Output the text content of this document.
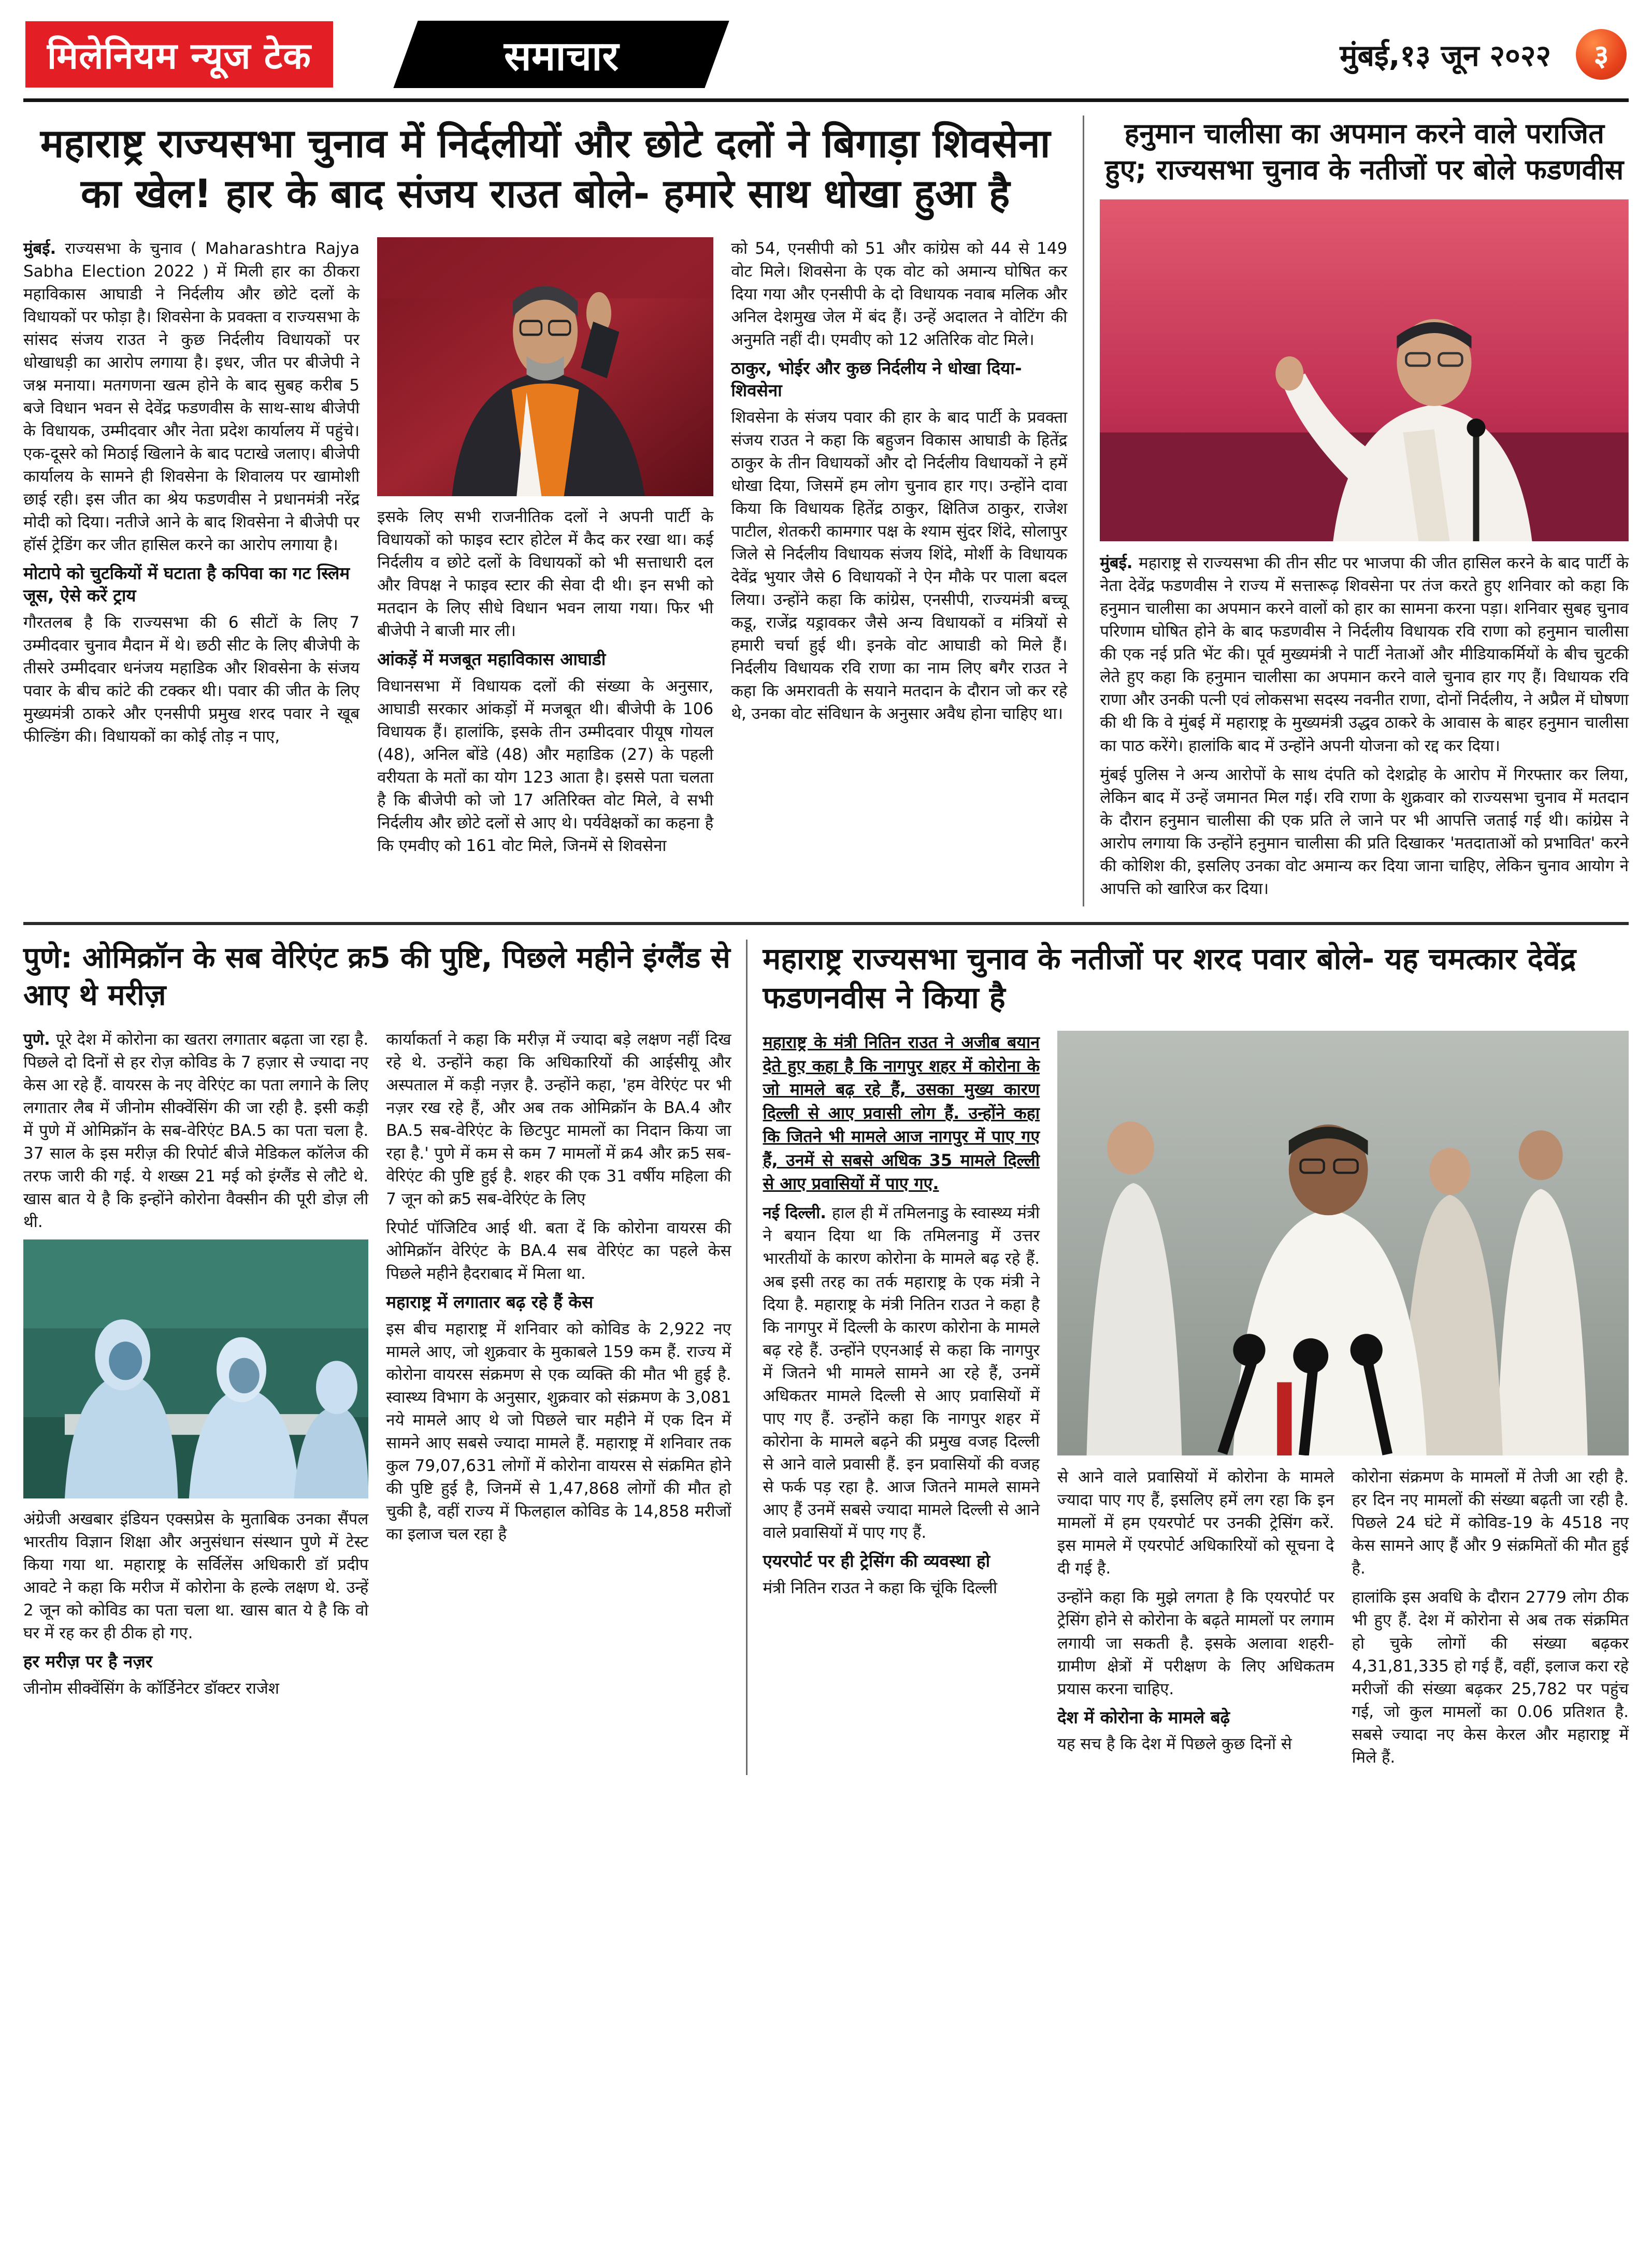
मिलेनियम न्यूज टेक	समाचार	मुंबई,१३ जून २०२२	३
महाराष्ट्र राज्यसभा चुनाव में निर्दलीयों और छोटे दलों ने बिगाड़ा शिवसेना का खेल! हार के बाद संजय राउत बोले- हमारे साथ धोखा हुआ है

मुंबई. राज्यसभा के चुनाव ( Maharashtra Rajya Sabha Election 2022 ) में मिली हार का ठीकरा महाविकास आघाडी ने निर्दलीय और छोटे दलों के विधायकों पर फोड़ा है। शिवसेना के प्रवक्ता व राज्यसभा के सांसद संजय राउत ने कुछ निर्दलीय विधायकों पर धोखाधड़ी का आरोप लगाया है। इधर, जीत पर बीजेपी ने जश्न मनाया। मतगणना खत्म होने के बाद सुबह करीब 5 बजे विधान भवन से देवेंद्र फडणवीस के साथ-साथ बीजेपी के विधायक, उम्मीदवार और नेता प्रदेश कार्यालय में पहुंचे। एक-दूसरे को मिठाई खिलाने के बाद पटाखे जलाए। बीजेपी कार्यालय के सामने ही शिवसेना के शिवालय पर खामोशी छाई रही। इस जीत का श्रेय फडणवीस ने प्रधानमंत्री नरेंद्र मोदी को दिया। नतीजे आने के बाद शिवसेना ने बीजेपी पर हॉर्स ट्रेडिंग कर जीत हासिल करने का आरोप लगाया है।

मोटापे को चुटकियों में घटाता है कपिवा का गट स्लिम जूस, ऐसे करें ट्राय

गौरतलब है कि राज्यसभा की 6 सीटों के लिए 7 उम्मीदवार चुनाव मैदान में थे। छठी सीट के लिए बीजेपी के तीसरे उम्मीदवार धनंजय महाडिक और शिवसेना के संजय पवार के बीच कांटे की टक्कर थी। पवार की जीत के लिए मुख्यमंत्री ठाकरे और एनसीपी प्रमुख शरद पवार ने खूब फील्डिंग की। विधायकों का कोई तोड़ न पाए,

इसके लिए सभी राजनीतिक दलों ने अपनी पार्टी के विधायकों को फाइव स्टार होटेल में कैद कर रखा था। कई निर्दलीय व छोटे दलों के विधायकों को भी सत्ताधारी दल और विपक्ष ने फाइव स्टार की सेवा दी थी। इन सभी को मतदान के लिए सीधे विधान भवन लाया गया। फिर भी बीजेपी ने बाजी मार ली।

आंकड़ें में मजबूत महाविकास आघाडी

विधानसभा में विधायक दलों की संख्या के अनुसार, आघाडी सरकार आंकड़ों में मजबूत थी। बीजेपी के 106 विधायक हैं। हालांकि, इसके तीन उम्मीदवार पीयूष गोयल (48), अनिल बोंडे (48) और महाडिक (27) के पहली वरीयता के मतों का योग 123 आता है। इससे पता चलता है कि बीजेपी को जो 17 अतिरिक्त वोट मिले, वे सभी निर्दलीय और छोटे दलों से आए थे। पर्यवेक्षकों का कहना है कि एमवीए को 161 वोट मिले, जिनमें से शिवसेना

को 54, एनसीपी को 51 और कांग्रेस को 44 से 149 वोट मिले। शिवसेना के एक वोट को अमान्य घोषित कर दिया गया और एनसीपी के दो विधायक नवाब मलिक और अनिल देशमुख जेल में बंद हैं। उन्हें अदालत ने वोटिंग की अनुमति नहीं दी। एमवीए को 12 अतिरिक वोट मिले।

ठाकुर, भोईर और कुछ निर्दलीय ने धोखा दिया-शिवसेना

शिवसेना के संजय पवार की हार के बाद पार्टी के प्रवक्ता संजय राउत ने कहा कि बहुजन विकास आघाडी के हितेंद्र ठाकुर के तीन विधायकों और दो निर्दलीय विधायकों ने हमें धोखा दिया, जिसमें हम लोग चुनाव हार गए। उन्होंने दावा किया कि विधायक हितेंद्र ठाकुर, क्षितिज ठाकुर, राजेश पाटील, शेतकरी कामगार पक्ष के श्याम सुंदर शिंदे, सोलापुर जिले से निर्दलीय विधायक संजय शिंदे, मोर्शी के विधायक देवेंद्र भुयार जैसे 6 विधायकों ने ऐन मौके पर पाला बदल लिया। उन्होंने कहा कि कांग्रेस, एनसीपी, राज्यमंत्री बच्चू कडू, राजेंद्र यड्रावकर जैसे अन्य विधायकों व मंत्रियों से हमारी चर्चा हुई थी। इनके वोट आघाडी को मिले हैं। निर्दलीय विधायक रवि राणा का नाम लिए बगैर राउत ने कहा कि अमरावती के सयाने मतदान के दौरान जो कर रहे थे, उनका वोट संविधान के अनुसार अवैध होना चाहिए था।

हनुमान चालीसा का अपमान करने वाले पराजित हुए; राज्यसभा चुनाव के नतीजों पर बोले फडणवीस

मुंबई. महाराष्ट्र से राज्यसभा की तीन सीट पर भाजपा की जीत हासिल करने के बाद पार्टी के नेता देवेंद्र फडणवीस ने राज्य में सत्तारूढ़ शिवसेना पर तंज करते हुए शनिवार को कहा कि हनुमान चालीसा का अपमान करने वालों को हार का सामना करना पड़ा। शनिवार सुबह चुनाव परिणाम घोषित होने के बाद फडणवीस ने निर्दलीय विधायक रवि राणा को हनुमान चालीसा की एक नई प्रति भेंट की। पूर्व मुख्यमंत्री ने पार्टी नेताओं और मीडियाकर्मियों के बीच चुटकी लेते हुए कहा कि हनुमान चालीसा का अपमान करने वाले चुनाव हार गए हैं। विधायक रवि राणा और उनकी पत्नी एवं लोकसभा सदस्य नवनीत राणा, दोनों निर्दलीय, ने अप्रैल में घोषणा की थी कि वे मुंबई में महाराष्ट्र के मुख्यमंत्री उद्धव ठाकरे के आवास के बाहर हनुमान चालीसा का पाठ करेंगे। हालांकि बाद में उन्होंने अपनी योजना को रद्द कर दिया।

मुंबई पुलिस ने अन्य आरोपों के साथ दंपति को देशद्रोह के आरोप में गिरफ्तार कर लिया, लेकिन बाद में उन्हें जमानत मिल गई। रवि राणा के शुक्रवार को राज्यसभा चुनाव में मतदान के दौरान हनुमान चालीसा की एक प्रति ले जाने पर भी आपत्ति जताई गई थी। कांग्रेस ने आरोप लगाया कि उन्होंने हनुमान चालीसा की प्रति दिखाकर 'मतदाताओं को प्रभावित' करने की कोशिश की, इसलिए उनका वोट अमान्य कर दिया जाना चाहिए, लेकिन चुनाव आयोग ने आपत्ति को खारिज कर दिया।

पुणे: ओमिक्रॉन के सब वेरिएंट क्र5 की पुष्टि, पिछले महीने इंग्लैंड से आए थे मरीज़

पुणे. पूरे देश में कोरोना का खतरा लगातार बढ़ता जा रहा है. पिछले दो दिनों से हर रोज़ कोविड के 7 हज़ार से ज्यादा नए केस आ रहे हैं. वायरस के नए वेरिएंट का पता लगाने के लिए लगातार लैब में जीनोम सीक्वेंसिंग की जा रही है. इसी कड़ी में पुणे में ओमिक्रॉन के सब-वेरिएंट BA.5 का पता चला है. 37 साल के इस मरीज़ की रिपोर्ट बीजे मेडिकल कॉलेज की तरफ जारी की गई. ये शख्स 21 मई को इंग्लैंड से लौटे थे. खास बात ये है कि इन्होंने कोरोना वैक्सीन की पूरी डोज़ ली थी.

अंग्रेजी अखबार इंडियन एक्सप्रेस के मुताबिक उनका सैंपल भारतीय विज्ञान शिक्षा और अनुसंधान संस्थान पुणे में टेस्ट किया गया था. महाराष्ट्र के सर्विलेंस अधिकारी डॉ प्रदीप आवटे ने कहा कि मरीज में कोरोना के हल्के लक्षण थे. उन्हें 2 जून को कोविड का पता चला था. खास बात ये है कि वो घर में रह कर ही ठीक हो गए.

हर मरीज़ पर है नज़र

जीनोम सीक्वेंसिंग के कॉर्डिनेटर डॉक्टर राजेश

कार्याकर्ता ने कहा कि मरीज़ में ज्यादा बड़े लक्षण नहीं दिख रहे थे. उन्होंने कहा कि अधिकारियों की आईसीयू और अस्पताल में कड़ी नज़र है. उन्होंने कहा, 'हम वेरिएंट पर भी नज़र रख रहे हैं, और अब तक ओमिक्रॉन के BA.4 और BA.5 सब-वेरिएंट के छिटपुट मामलों का निदान किया जा रहा है.' पुणे में कम से कम 7 मामलों में क्र4 और क्र5 सब-वेरिएंट की पुष्टि हुई है. शहर की एक 31 वर्षीय महिला की 7 जून को क्र5 सब-वेरिएंट के लिए

रिपोर्ट पॉजिटिव आई थी. बता दें कि कोरोना वायरस की ओमिक्रॉन वेरिएंट के BA.4 सब वेरिएंट का पहले केस पिछले महीने हैदराबाद में मिला था.

महाराष्ट्र में लगातार बढ़ रहे हैं केस

इस बीच महाराष्ट्र में शनिवार को कोविड के 2,922 नए मामले आए, जो शुक्रवार के मुकाबले 159 कम हैं. राज्य में कोरोना वायरस संक्रमण से एक व्यक्ति की मौत भी हुई है. स्वास्थ्य विभाग के अनुसार, शुक्रवार को संक्रमण के 3,081 नये मामले आए थे जो पिछले चार महीने में एक दिन में सामने आए सबसे ज्यादा मामले हैं. महाराष्ट्र में शनिवार तक कुल 79,07,631 लोगों में कोरोना वायरस से संक्रमित होने की पुष्टि हुई है, जिनमें से 1,47,868 लोगों की मौत हो चुकी है, वहीं राज्य में फिलहाल कोविड के 14,858 मरीजों का इलाज चल रहा है

महाराष्ट्र राज्यसभा चुनाव के नतीजों पर शरद पवार बोले- यह चमत्कार देवेंद्र फडणनवीस ने किया है

महाराष्ट्र के मंत्री नितिन राउत ने अजीब बयान देते हुए कहा है कि नागपुर शहर में कोरोना के जो मामले बढ़ रहे हैं, उसका मुख्य कारण दिल्ली से आए प्रवासी लोग हैं. उन्होंने कहा कि जितने भी मामले आज नागपुर में पाए गए हैं, उनमें से सबसे अधिक 35 मामले दिल्ली से आए प्रवासियों में पाए गए.

नई दिल्ली. हाल ही में तमिलनाडु के स्वास्थ्य मंत्री ने बयान दिया था कि तमिलनाडु में उत्तर भारतीयों के कारण कोरोना के मामले बढ़ रहे हैं. अब इसी तरह का तर्क महाराष्ट्र के एक मंत्री ने दिया है. महाराष्ट्र के मंत्री नितिन राउत ने कहा है कि नागपुर में दिल्ली के कारण कोरोना के मामले बढ़ रहे हैं. उन्होंने एएनआई से कहा कि नागपुर में जितने भी मामले सामने आ रहे हैं, उनमें अधिकतर मामले दिल्ली से आए प्रवासियों में पाए गए हैं. उन्होंने कहा कि नागपुर शहर में कोरोना के मामले बढ़ने की प्रमुख वजह दिल्ली से आने वाले प्रवासी हैं. इन प्रवासियों की वजह से फर्क पड़ रहा है. आज जितने मामले सामने आए हैं उनमें सबसे ज्यादा मामले दिल्ली से आने वाले प्रवासियों में पाए गए हैं.

एयरपोर्ट पर ही ट्रेसिंग की व्यवस्था हो

मंत्री नितिन राउत ने कहा कि चूंकि दिल्ली

से आने वाले प्रवासियों में कोरोना के मामले ज्यादा पाए गए हैं, इसलिए हमें लग रहा कि इन मामलों में हम एयरपोर्ट पर उनकी ट्रेसिंग करें. इस मामले में एयरपोर्ट अधिकारियों को सूचना दे दी गई है.

उन्होंने कहा कि मुझे लगता है कि एयरपोर्ट पर ट्रेसिंग होने से कोरोना के बढ़ते मामलों पर लगाम लगायी जा सकती है. इसके अलावा शहरी-ग्रामीण क्षेत्रों में परीक्षण के लिए अधिकतम प्रयास करना चाहिए.

देश में कोरोना के मामले बढ़े

यह सच है कि देश में पिछले कुछ दिनों से

कोरोना संक्रमण के मामलों में तेजी आ रही है. हर दिन नए मामलों की संख्या बढ़ती जा रही है. पिछले 24 घंटे में कोविड-19 के 4518 नए केस सामने आए हैं और 9 संक्रमितों की मौत हुई है.

हालांकि इस अवधि के दौरान 2779 लोग ठीक भी हुए हैं. देश में कोरोना से अब तक संक्रमित हो चुके लोगों की संख्या बढ़कर 4,31,81,335 हो गई हैं, वहीं, इलाज करा रहे मरीजों की संख्या बढ़कर 25,782 पर पहुंच गई, जो कुल मामलों का 0.06 प्रतिशत है. सबसे ज्यादा नए केस केरल और महाराष्ट्र में मिले हैं.
